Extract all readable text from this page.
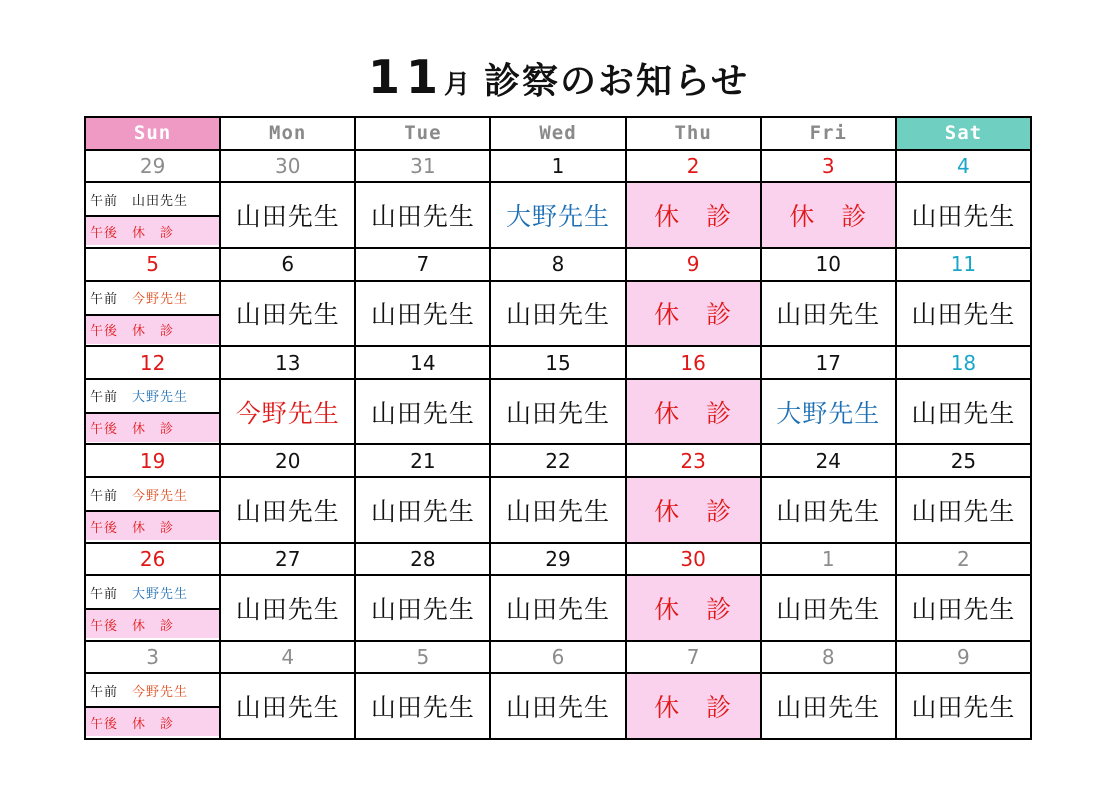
11月 診察のお知らせ
Sun	Mon	Tue	Wed	Thu	Fri	Sat
29	30	31	1	2	3	4

午前 山田先生
午後 休　診	山田先生	山田先生	大野先生	休　診	休　診	山田先生
5	6	7	8	9	10	11

午前 今野先生
午後 休　診	山田先生	山田先生	山田先生	休　診	山田先生	山田先生
12	13	14	15	16	17	18

午前 大野先生
午後 休　診	今野先生	山田先生	山田先生	休　診	大野先生	山田先生
19	20	21	22	23	24	25

午前 今野先生
午後 休　診	山田先生	山田先生	山田先生	休　診	山田先生	山田先生
26	27	28	29	30	1	2

午前 大野先生
午後 休　診	山田先生	山田先生	山田先生	休　診	山田先生	山田先生
3	4	5	6	7	8	9

午前 今野先生
午後 休　診	山田先生	山田先生	山田先生	休　診	山田先生	山田先生
